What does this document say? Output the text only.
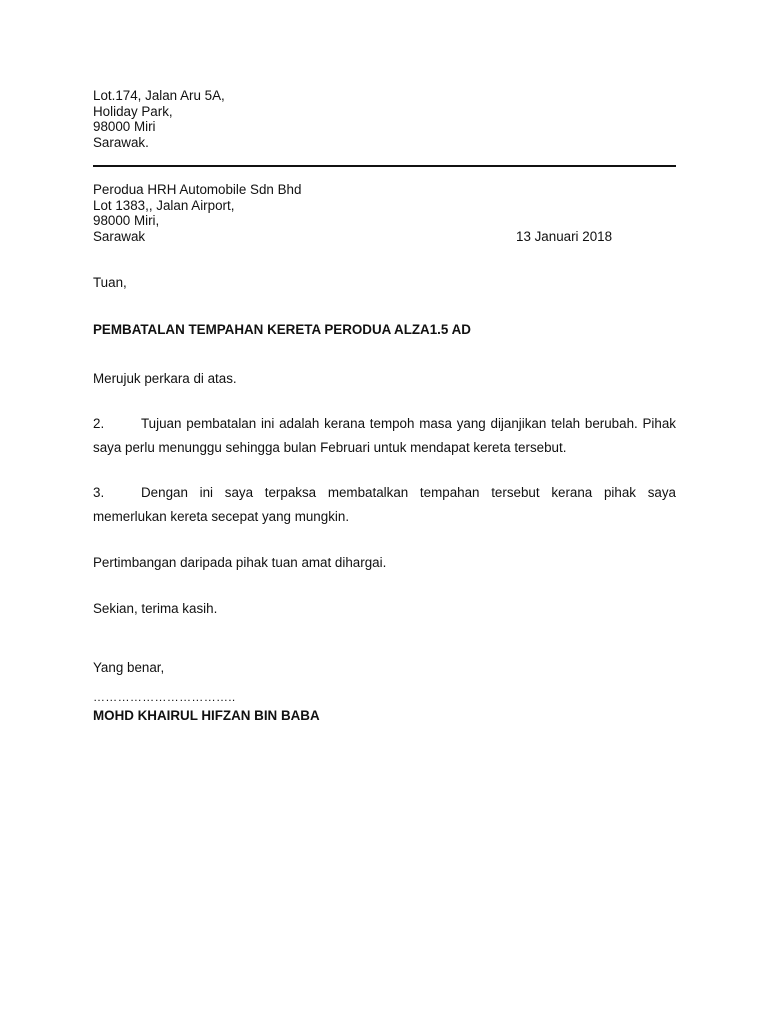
Lot.174, Jalan Aru 5A,
Holiday Park,
98000 Miri
Sarawak.
Perodua HRH Automobile Sdn Bhd
Lot 1383,, Jalan Airport,
98000 Miri,
Sarawak	13 Januari 2018
Tuan,
PEMBATALAN TEMPAHAN KERETA PERODUA ALZA1.5 AD
Merujuk perkara di atas.
2.	Tujuan pembatalan ini adalah kerana tempoh masa yang dijanjikan telah berubah. Pihak saya perlu menunggu sehingga bulan Februari untuk mendapat kereta tersebut.
3.	Dengan ini saya terpaksa membatalkan tempahan tersebut kerana pihak saya memerlukan kereta secepat yang mungkin.
Pertimbangan daripada pihak tuan amat dihargai.
Sekian, terima kasih.
Yang benar,
……………………………..
MOHD KHAIRUL HIFZAN BIN BABA
